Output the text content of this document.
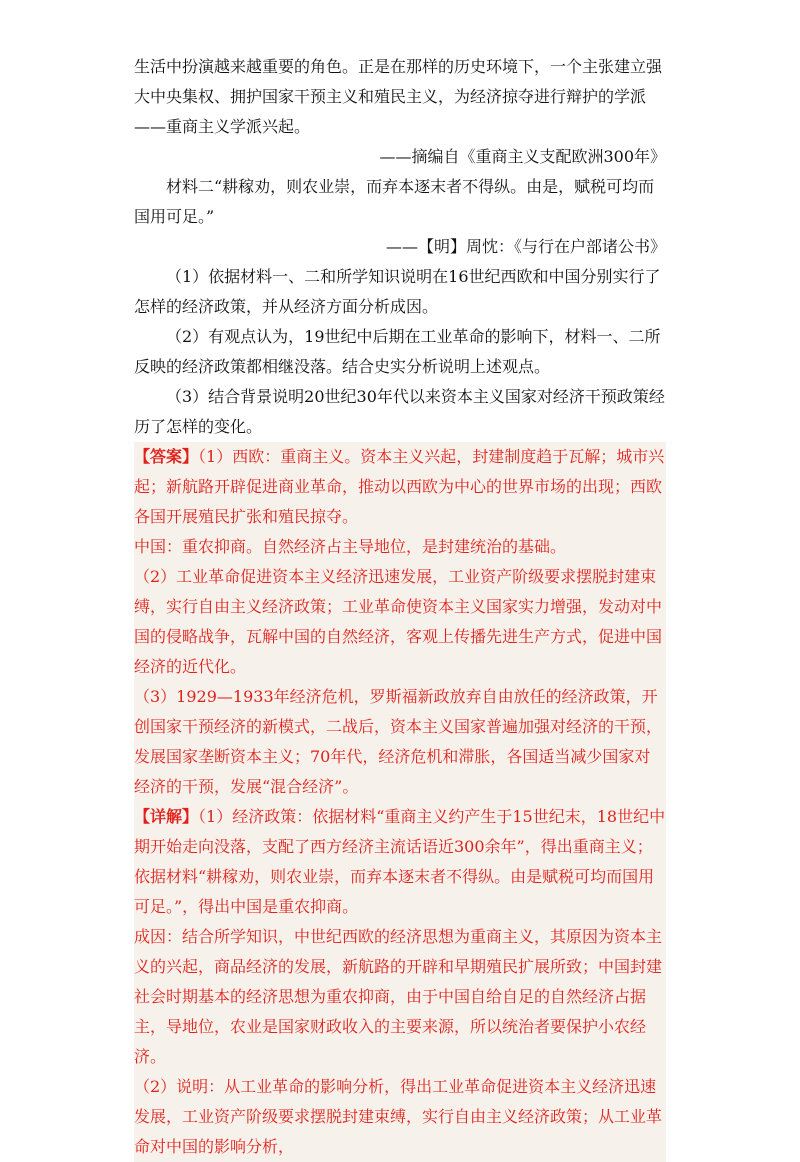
生活中扮演越来越重要的角色。正是在那样的历史环境下，一个主张建立强大中央集权、拥护国家干预主义和殖民主义，为经济掠夺进行辩护的学派——重商主义学派兴起。

——摘编自《重商主义支配欧洲300年》

材料二“耕稼劝，则农业崇，而弃本逐末者不得纵。由是，赋税可均而国用可足。”

——【明】周忱：《与行在户部诸公书》

（1）依据材料一、二和所学知识说明在16世纪西欧和中国分别实行了怎样的经济政策，并从经济方面分析成因。

（2）有观点认为，19世纪中后期在工业革命的影响下，材料一、二所反映的经济政策都相继没落。结合史实分析说明上述观点。

（3）结合背景说明20世纪30年代以来资本主义国家对经济干预政策经历了怎样的变化。

【答案】（1）西欧：重商主义。资本主义兴起，封建制度趋于瓦解；城市兴起；新航路开辟促进商业革命，推动以西欧为中心的世界市场的出现；西欧各国开展殖民扩张和殖民掠夺。

中国：重农抑商。自然经济占主导地位，是封建统治的基础。

（2）工业革命促进资本主义经济迅速发展，工业资产阶级要求摆脱封建束缚，实行自由主义经济政策；工业革命使资本主义国家实力增强，发动对中国的侵略战争，瓦解中国的自然经济，客观上传播先进生产方式，促进中国经济的近代化。

（3）1929—1933年经济危机，罗斯福新政放弃自由放任的经济政策，开创国家干预经济的新模式，二战后，资本主义国家普遍加强对经济的干预，发展国家垄断资本主义；70年代，经济危机和滞胀，各国适当减少国家对经济的干预，发展“混合经济”。

【详解】（1）经济政策：依据材料“重商主义约产生于15世纪末，18世纪中期开始走向没落，支配了西方经济主流话语近300余年”，得出重商主义；依据材料“耕稼劝，则农业崇，而弃本逐末者不得纵。由是赋税可均而国用可足。”，得出中国是重农抑商。

成因：结合所学知识，中世纪西欧的经济思想为重商主义，其原因为资本主义的兴起，商品经济的发展，新航路的开辟和早期殖民扩展所致；中国封建社会时期基本的经济思想为重农抑商，由于中国自给自足的自然经济占据主，导地位，农业是国家财政收入的主要来源，所以统治者要保护小农经济。

（2）说明：从工业革命的影响分析，得出工业革命促进资本主义经济迅速发展，工业资产阶级要求摆脱封建束缚，实行自由主义经济政策；从工业革命对中国的影响分析，
